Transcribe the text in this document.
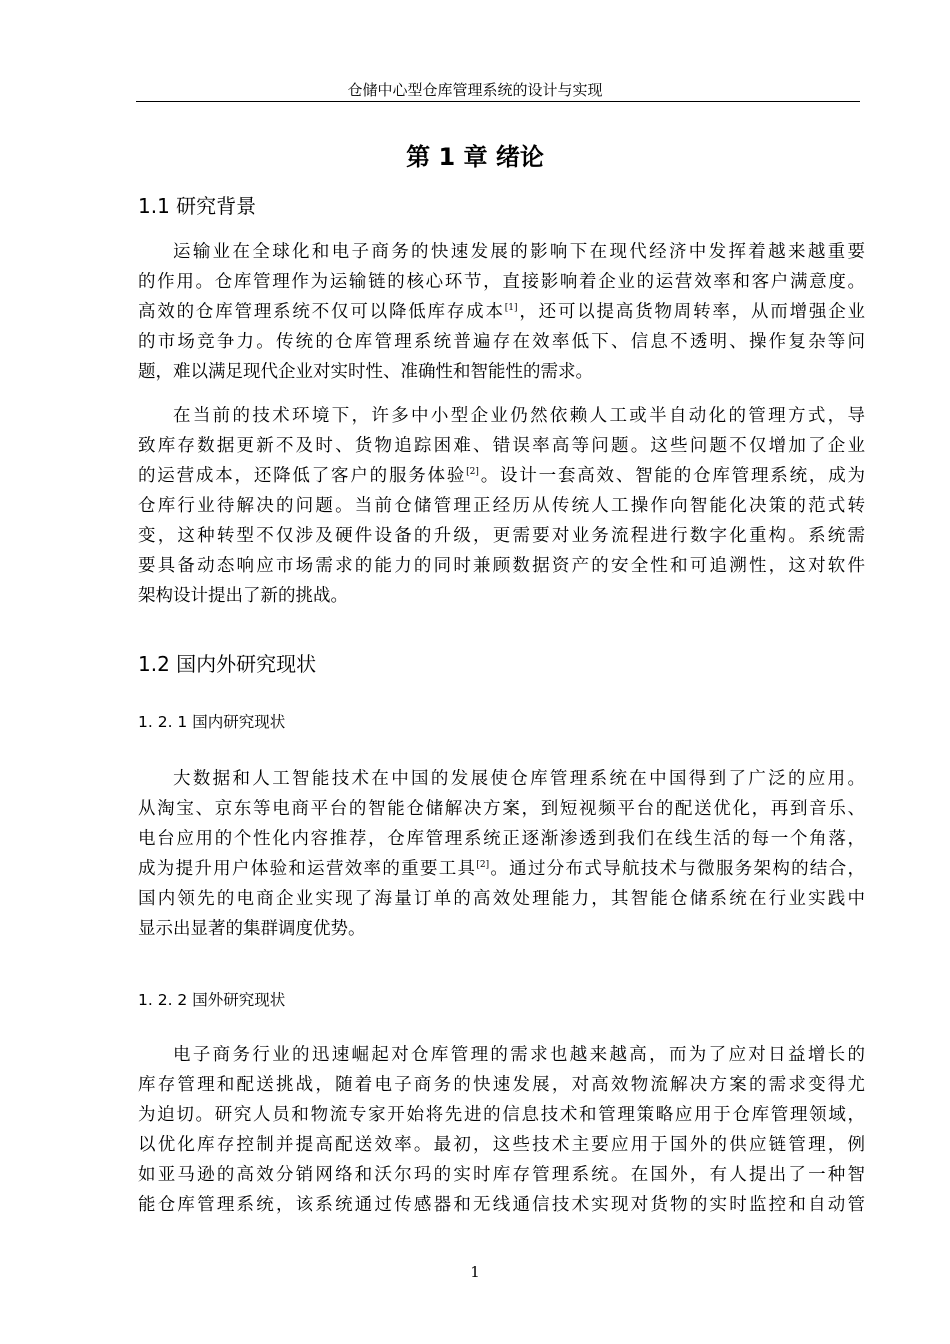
仓储中心型仓库管理系统的设计与实现
第 1 章 绪论
1.1 研究背景
运输业在全球化和电子商务的快速发展的影响下在现代经济中发挥着越来越重要
的作用。仓库管理作为运输链的核心环节，直接影响着企业的运营效率和客户满意度。
高效的仓库管理系统不仅可以降低库存成本[1]，还可以提高货物周转率，从而增强企业
的市场竞争力。传统的仓库管理系统普遍存在效率低下、信息不透明、操作复杂等问
题，难以满足现代企业对实时性、准确性和智能性的需求。
在当前的技术环境下，许多中小型企业仍然依赖人工或半自动化的管理方式，导
致库存数据更新不及时、货物追踪困难、错误率高等问题。这些问题不仅增加了企业
的运营成本，还降低了客户的服务体验[2]。设计一套高效、智能的仓库管理系统，成为
仓库行业待解决的问题。当前仓储管理正经历从传统人工操作向智能化决策的范式转
变，这种转型不仅涉及硬件设备的升级，更需要对业务流程进行数字化重构。系统需
要具备动态响应市场需求的能力的同时兼顾数据资产的安全性和可追溯性，这对软件
架构设计提出了新的挑战。
1.2 国内外研究现状
1. 2. 1 国内研究现状
大数据和人工智能技术在中国的发展使仓库管理系统在中国得到了广泛的应用。
从淘宝、京东等电商平台的智能仓储解决方案，到短视频平台的配送优化，再到音乐、
电台应用的个性化内容推荐，仓库管理系统正逐渐渗透到我们在线生活的每一个角落，
成为提升用户体验和运营效率的重要工具[2]。通过分布式导航技术与微服务架构的结合，
国内领先的电商企业实现了海量订单的高效处理能力，其智能仓储系统在行业实践中
显示出显著的集群调度优势。
1. 2. 2 国外研究现状
电子商务行业的迅速崛起对仓库管理的需求也越来越高，而为了应对日益增长的
库存管理和配送挑战，随着电子商务的快速发展，对高效物流解决方案的需求变得尤
为迫切。研究人员和物流专家开始将先进的信息技术和管理策略应用于仓库管理领域，
以优化库存控制并提高配送效率。最初，这些技术主要应用于国外的供应链管理，例
如亚马逊的高效分销网络和沃尔玛的实时库存管理系统。在国外，有人提出了一种智
能仓库管理系统，该系统通过传感器和无线通信技术实现对货物的实时监控和自动管
1
